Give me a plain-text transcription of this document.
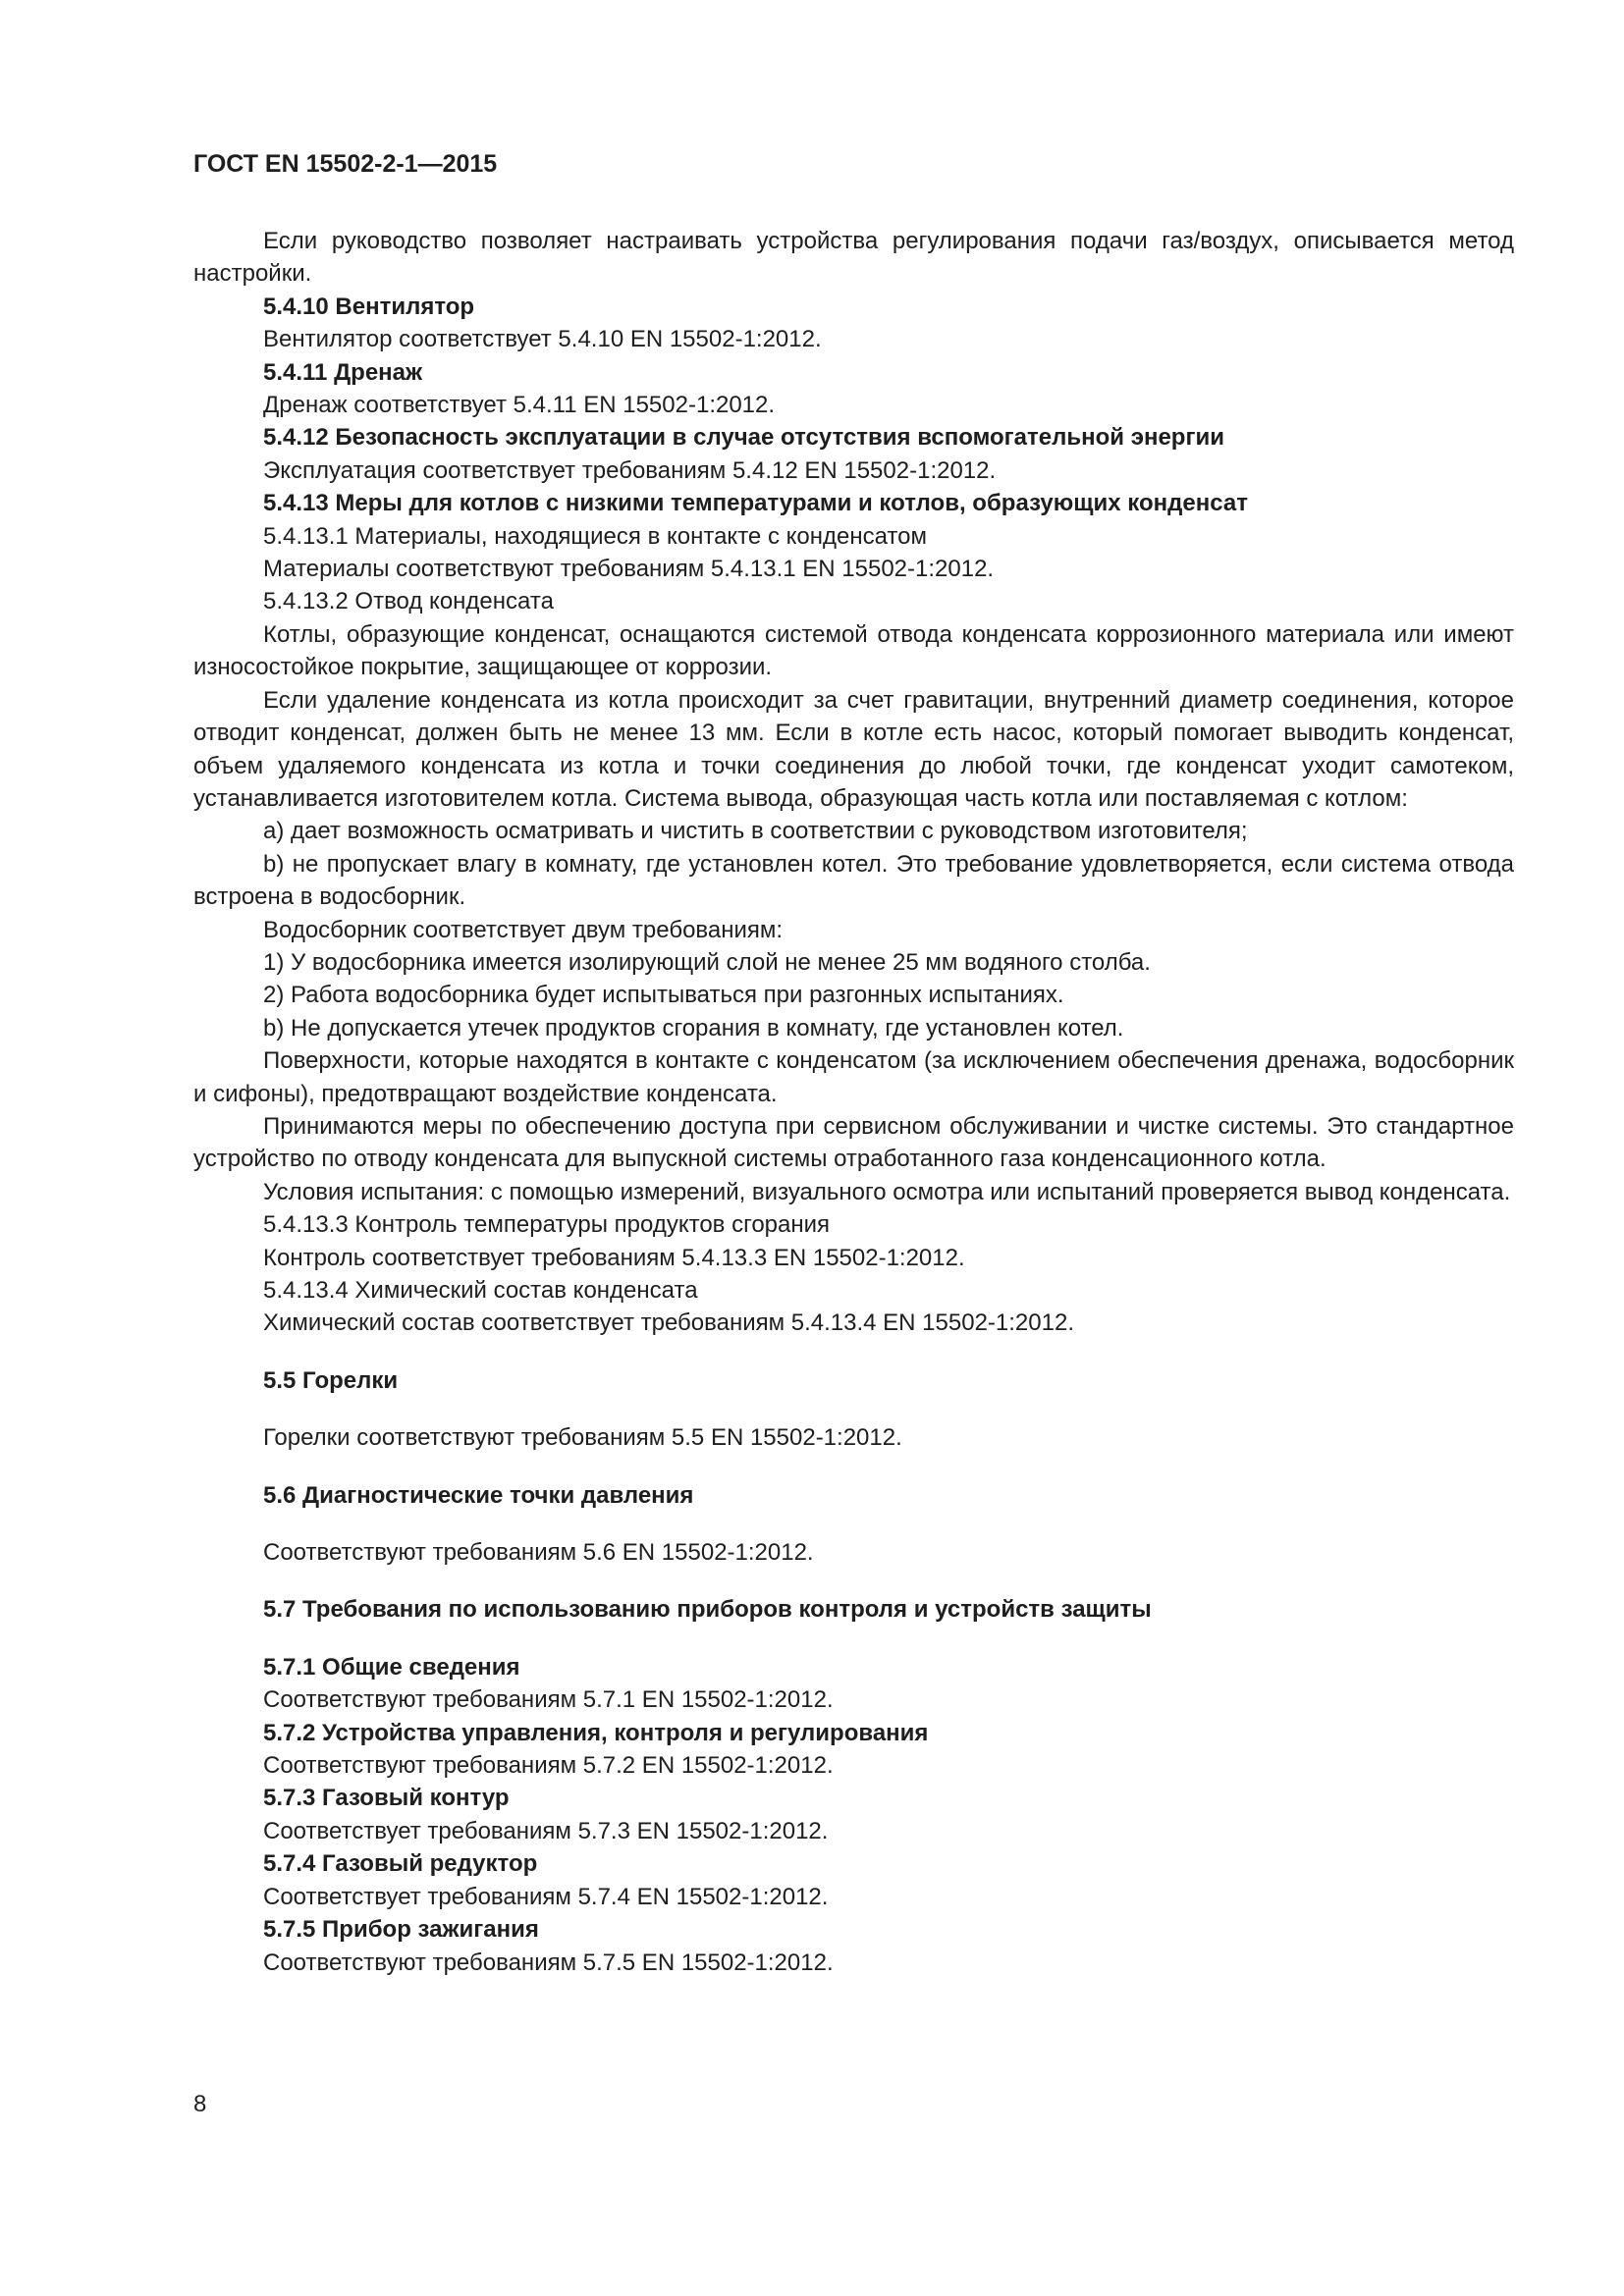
ГОСТ EN 15502-2-1—2015

Если руководство позволяет настраивать устройства регулирования подачи газ/воздух, описывается метод настройки.

5.4.10 Вентилятор

Вентилятор соответствует 5.4.10 EN 15502-1:2012.

5.4.11 Дренаж

Дренаж соответствует 5.4.11 EN 15502-1:2012.

5.4.12 Безопасность эксплуатации в случае отсутствия вспомогательной энергии

Эксплуатация соответствует требованиям 5.4.12 EN 15502-1:2012.

5.4.13 Меры для котлов с низкими температурами и котлов, образующих конденсат

5.4.13.1 Материалы, находящиеся в контакте с конденсатом

Материалы соответствуют требованиям 5.4.13.1 EN 15502-1:2012.

5.4.13.2 Отвод конденсата

Котлы, образующие конденсат, оснащаются системой отвода конденсата коррозионного материала или имеют износостойкое покрытие, защищающее от коррозии.

Если удаление конденсата из котла происходит за счет гравитации, внутренний диаметр соединения, которое отводит конденсат, должен быть не менее 13 мм. Если в котле есть насос, который помогает выводить конденсат, объем удаляемого конденсата из котла и точки соединения до любой точки, где конденсат уходит самотеком, устанавливается изготовителем котла. Система вывода, образующая часть котла или поставляемая с котлом:

а) дает возможность осматривать и чистить в соответствии с руководством изготовителя;

b) не пропускает влагу в комнату, где установлен котел. Это требование удовлетворяется, если система отвода встроена в водосборник.

Водосборник соответствует двум требованиям:

1) У водосборника имеется изолирующий слой не менее 25 мм водяного столба.

2) Работа водосборника будет испытываться при разгонных испытаниях.

b) Не допускается утечек продуктов сгорания в комнату, где установлен котел.

Поверхности, которые находятся в контакте с конденсатом (за исключением обеспечения дренажа, водосборник и сифоны), предотвращают воздействие конденсата.

Принимаются меры по обеспечению доступа при сервисном обслуживании и чистке системы. Это стандартное устройство по отводу конденсата для выпускной системы отработанного газа конденсационного котла.

Условия испытания: с помощью измерений, визуального осмотра или испытаний проверяется вывод конденсата.

5.4.13.3 Контроль температуры продуктов сгорания

Контроль соответствует требованиям 5.4.13.3 EN 15502-1:2012.

5.4.13.4 Химический состав конденсата

Химический состав соответствует требованиям 5.4.13.4 EN 15502-1:2012.

5.5 Горелки

Горелки соответствуют требованиям 5.5 EN 15502-1:2012.

5.6 Диагностические точки давления

Соответствуют требованиям 5.6 EN 15502-1:2012.

5.7 Требования по использованию приборов контроля и устройств защиты

5.7.1 Общие сведения

Соответствуют требованиям 5.7.1 EN 15502-1:2012.

5.7.2 Устройства управления, контроля и регулирования

Соответствуют требованиям 5.7.2 EN 15502-1:2012.

5.7.3 Газовый контур

Соответствует требованиям 5.7.3 EN 15502-1:2012.

5.7.4 Газовый редуктор

Соответствует требованиям 5.7.4 EN 15502-1:2012.

5.7.5 Прибор зажигания

Соответствуют требованиям 5.7.5 EN 15502-1:2012.

8
